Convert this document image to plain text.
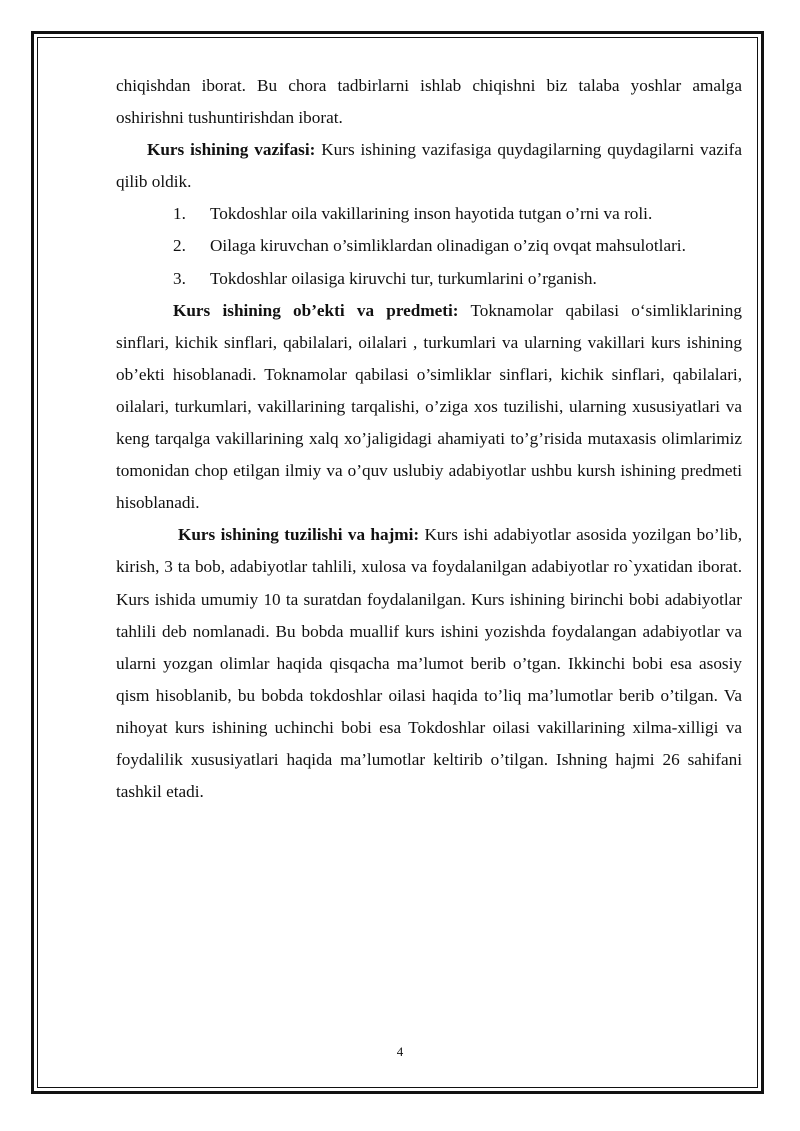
chiqishdan iborat. Bu chora tadbirlarni ishlab chiqishni biz talaba yoshlar amalga oshirishni tushuntirishdan iborat.

Kurs ishining vazifasi: Kurs ishining vazifasiga quydagilarning quydagilarni vazifa qilib oldik.

1. Tokdoshlar oila vakillarining inson hayotida tutgan o’rni va roli.
2. Oilaga kiruvchan o’simliklardan olinadigan o’ziq ovqat mahsulotlari.
3. Tokdoshlar oilasiga kiruvchi tur, turkumlarini o’rganish.

Kurs ishining ob’ekti va predmeti: Toknamolar qabilasi o‘simliklarining sinflari, kichik sinflari, qabilalari, oilalari , turkumlari va ularning vakillari kurs ishining ob’ekti hisoblanadi. Toknamolar qabilasi o’simliklar sinflari, kichik sinflari, qabilalari, oilalari, turkumlari, vakillarining tarqalishi, o’ziga xos tuzilishi, ularning xususiyatlari va keng tarqalga vakillarining xalq xo’jaligidagi ahamiyati to’g’risida mutaxasis olimlarimiz tomonidan chop etilgan ilmiy va o’quv uslubiy adabiyotlar ushbu kursh ishining predmeti hisoblanadi.

Kurs ishining tuzilishi va hajmi: Kurs ishi adabiyotlar asosida yozilgan bo’lib, kirish, 3 ta bob, adabiyotlar tahlili, xulosa va foydalanilgan adabiyotlar ro`yxatidan iborat. Kurs ishida umumiy 10 ta suratdan foydalanilgan. Kurs ishining birinchi bobi adabiyotlar tahlili deb nomlanadi. Bu bobda muallif kurs ishini yozishda foydalangan adabiyotlar va ularni yozgan olimlar haqida qisqacha ma’lumot berib o’tgan. Ikkinchi bobi esa asosiy qism hisoblanib, bu bobda tokdoshlar oilasi haqida to’liq ma’lumotlar berib o’tilgan. Va nihoyat kurs ishining uchinchi bobi esa Tokdoshlar oilasi vakillarining xilma-xilligi va foydalilik xususiyatlari haqida ma’lumotlar keltirib o’tilgan. Ishning hajmi 26 sahifani tashkil etadi.

4
